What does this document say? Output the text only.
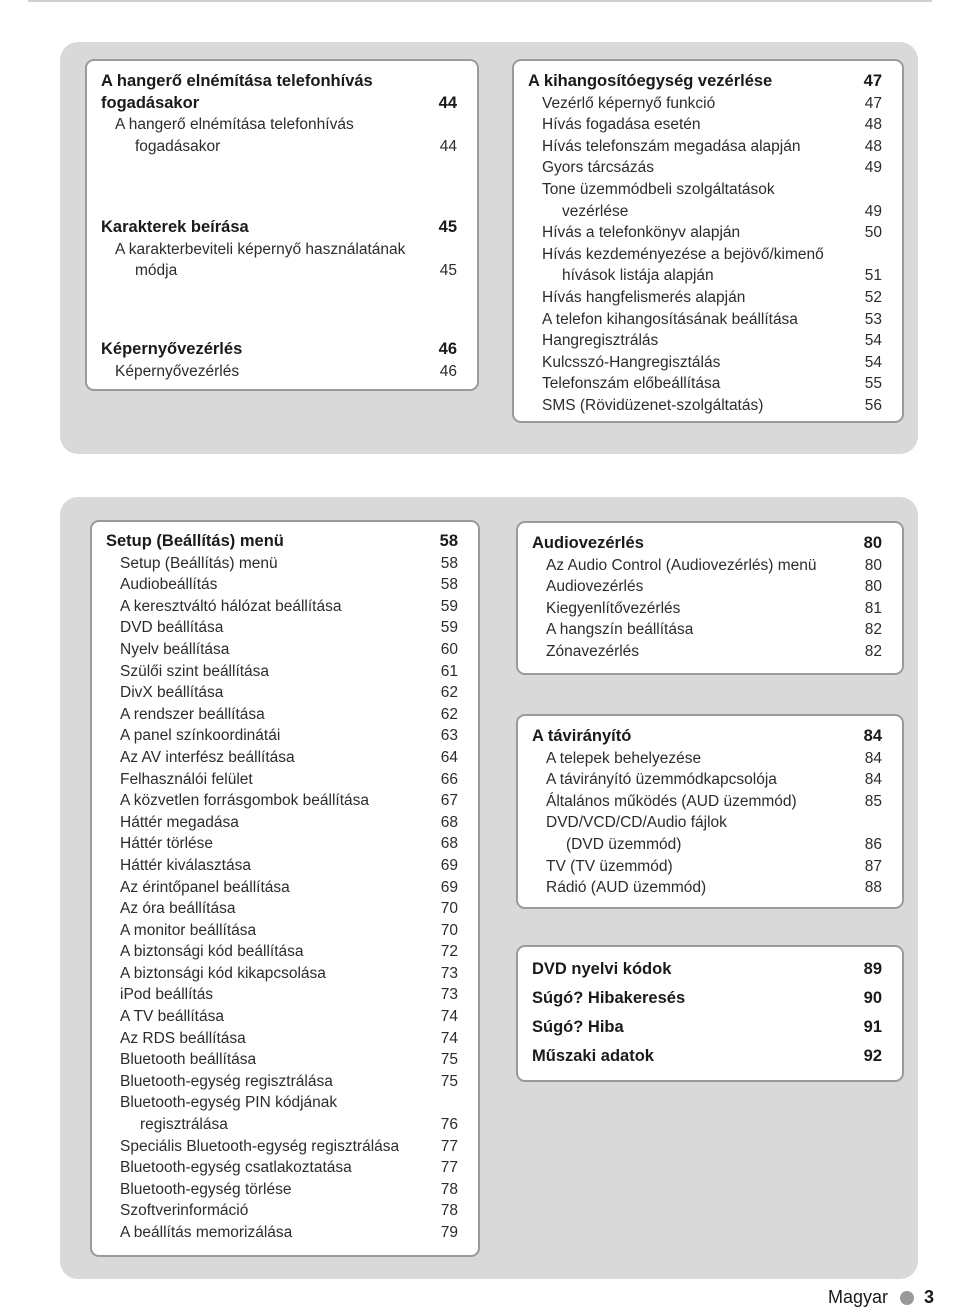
A hangerő elnémítása telefonhívás
fogadásakor	44
A hangerő elnémítása telefonhívás
fogadásakor	44
Karakterek beírása	45
A karakterbeviteli képernyő használatának
módja	45
Képernyővezérlés	46
Képernyővezérlés	46
A kihangosítóegység vezérlése	47
Vezérlő képernyő funkció	47
Hívás fogadása esetén	48
Hívás telefonszám megadása alapján	48
Gyors tárcsázás	49
Tone üzemmódbeli szolgáltatások
vezérlése	49
Hívás a telefonkönyv alapján	50
Hívás kezdeményezése a bejövő/kimenő
hívások listája alapján	51
Hívás hangfelismerés alapján	52
A telefon kihangosításának beállítása	53
Hangregisztrálás	54
Kulcsszó-Hangregisztálás	54
Telefonszám előbeállítása	55
SMS (Rövidüzenet-szolgáltatás)	56
Setup (Beállítás) menü	58
Setup (Beállítás) menü	58
Audiobeállítás	58
A keresztváltó hálózat beállítása	59
DVD beállítása	59
Nyelv beállítása	60
Szülői szint beállítása	61
DivX beállítása	62
A rendszer beállítása	62
A panel színkoordinátái	63
Az AV interfész beállítása	64
Felhasználói felület	66
A közvetlen forrásgombok beállítása	67
Háttér megadása	68
Háttér törlése	68
Háttér kiválasztása	69
Az érintőpanel beállítása	69
Az óra beállítása	70
A monitor beállítása	70
A biztonsági kód beállítása	72
A biztonsági kód kikapcsolása	73
iPod beállítás	73
A TV beállítása	74
Az RDS beállítása	74
Bluetooth beállítása	75
Bluetooth-egység regisztrálása	75
Bluetooth-egység PIN kódjának
regisztrálása	76
Speciális Bluetooth-egység regisztrálása	77
Bluetooth-egység csatlakoztatása	77
Bluetooth-egység törlése	78
Szoftverinformáció	78
A beállítás memorizálása	79
Audiovezérlés	80
Az Audio Control (Audiovezérlés) menü	80
Audiovezérlés	80
Kiegyenlítővezérlés	81
A hangszín beállítása	82
Zónavezérlés	82
A távirányító	84
A telepek behelyezése	84
A távirányító üzemmódkapcsolója	84
Általános működés (AUD üzemmód)	85
DVD/VCD/CD/Audio fájlok
(DVD üzemmód)	86
TV (TV üzemmód)	87
Rádió (AUD üzemmód)	88
DVD nyelvi kódok	89
Súgó? Hibakeresés	90
Súgó? Hiba	91
Műszaki adatok	92
Magyar 3
